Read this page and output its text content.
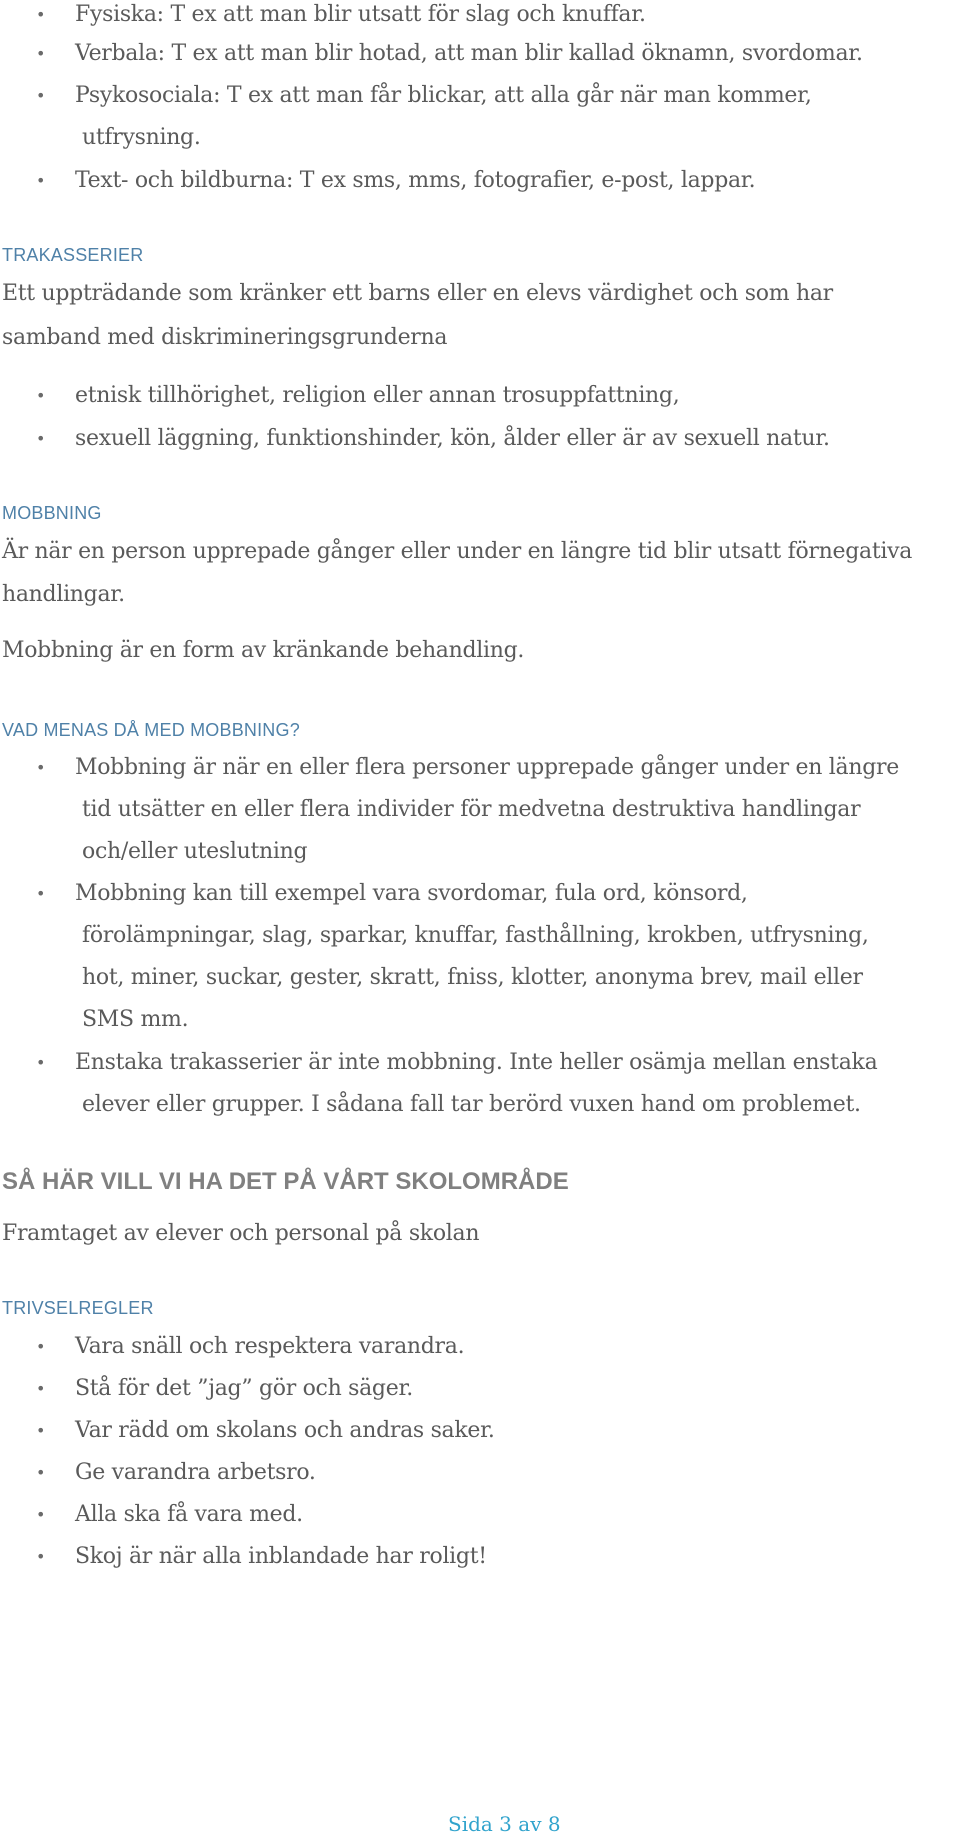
• Fysiska: T ex att man blir utsatt för slag och knuffar.
• Verbala: T ex att man blir hotad, att man blir kallad öknamn, svordomar.
• Psykosociala: T ex att man får blickar, att alla går när man kommer,
utfrysning.
• Text- och bildburna: T ex sms, mms, fotografier, e-post, lappar.
TRAKASSERIER
Ett uppträdande som kränker ett barns eller en elevs värdighet och som har
samband med diskrimineringsgrunderna
• etnisk tillhörighet, religion eller annan trosuppfattning,
• sexuell läggning, funktionshinder, kön, ålder eller är av sexuell natur.
MOBBNING
Är när en person upprepade gånger eller under en längre tid blir utsatt förnegativa
handlingar.
Mobbning är en form av kränkande behandling.
VAD MENAS DÅ MED MOBBNING?
• Mobbning är när en eller flera personer upprepade gånger under en längre
tid utsätter en eller flera individer för medvetna destruktiva handlingar
och/eller uteslutning
• Mobbning kan till exempel vara svordomar, fula ord, könsord,
förolämpningar, slag, sparkar, knuffar, fasthållning, krokben, utfrysning,
hot, miner, suckar, gester, skratt, fniss, klotter, anonyma brev, mail eller
SMS mm.
• Enstaka trakasserier är inte mobbning. Inte heller osämja mellan enstaka
elever eller grupper. I sådana fall tar berörd vuxen hand om problemet.
SÅ HÄR VILL VI HA DET PÅ VÅRT SKOLOMRÅDE
Framtaget av elever och personal på skolan
TRIVSELREGLER
• Vara snäll och respektera varandra.
• Stå för det ”jag” gör och säger.
• Var rädd om skolans och andras saker.
• Ge varandra arbetsro.
• Alla ska få vara med.
• Skoj är när alla inblandade har roligt!
Sida 3 av 8
